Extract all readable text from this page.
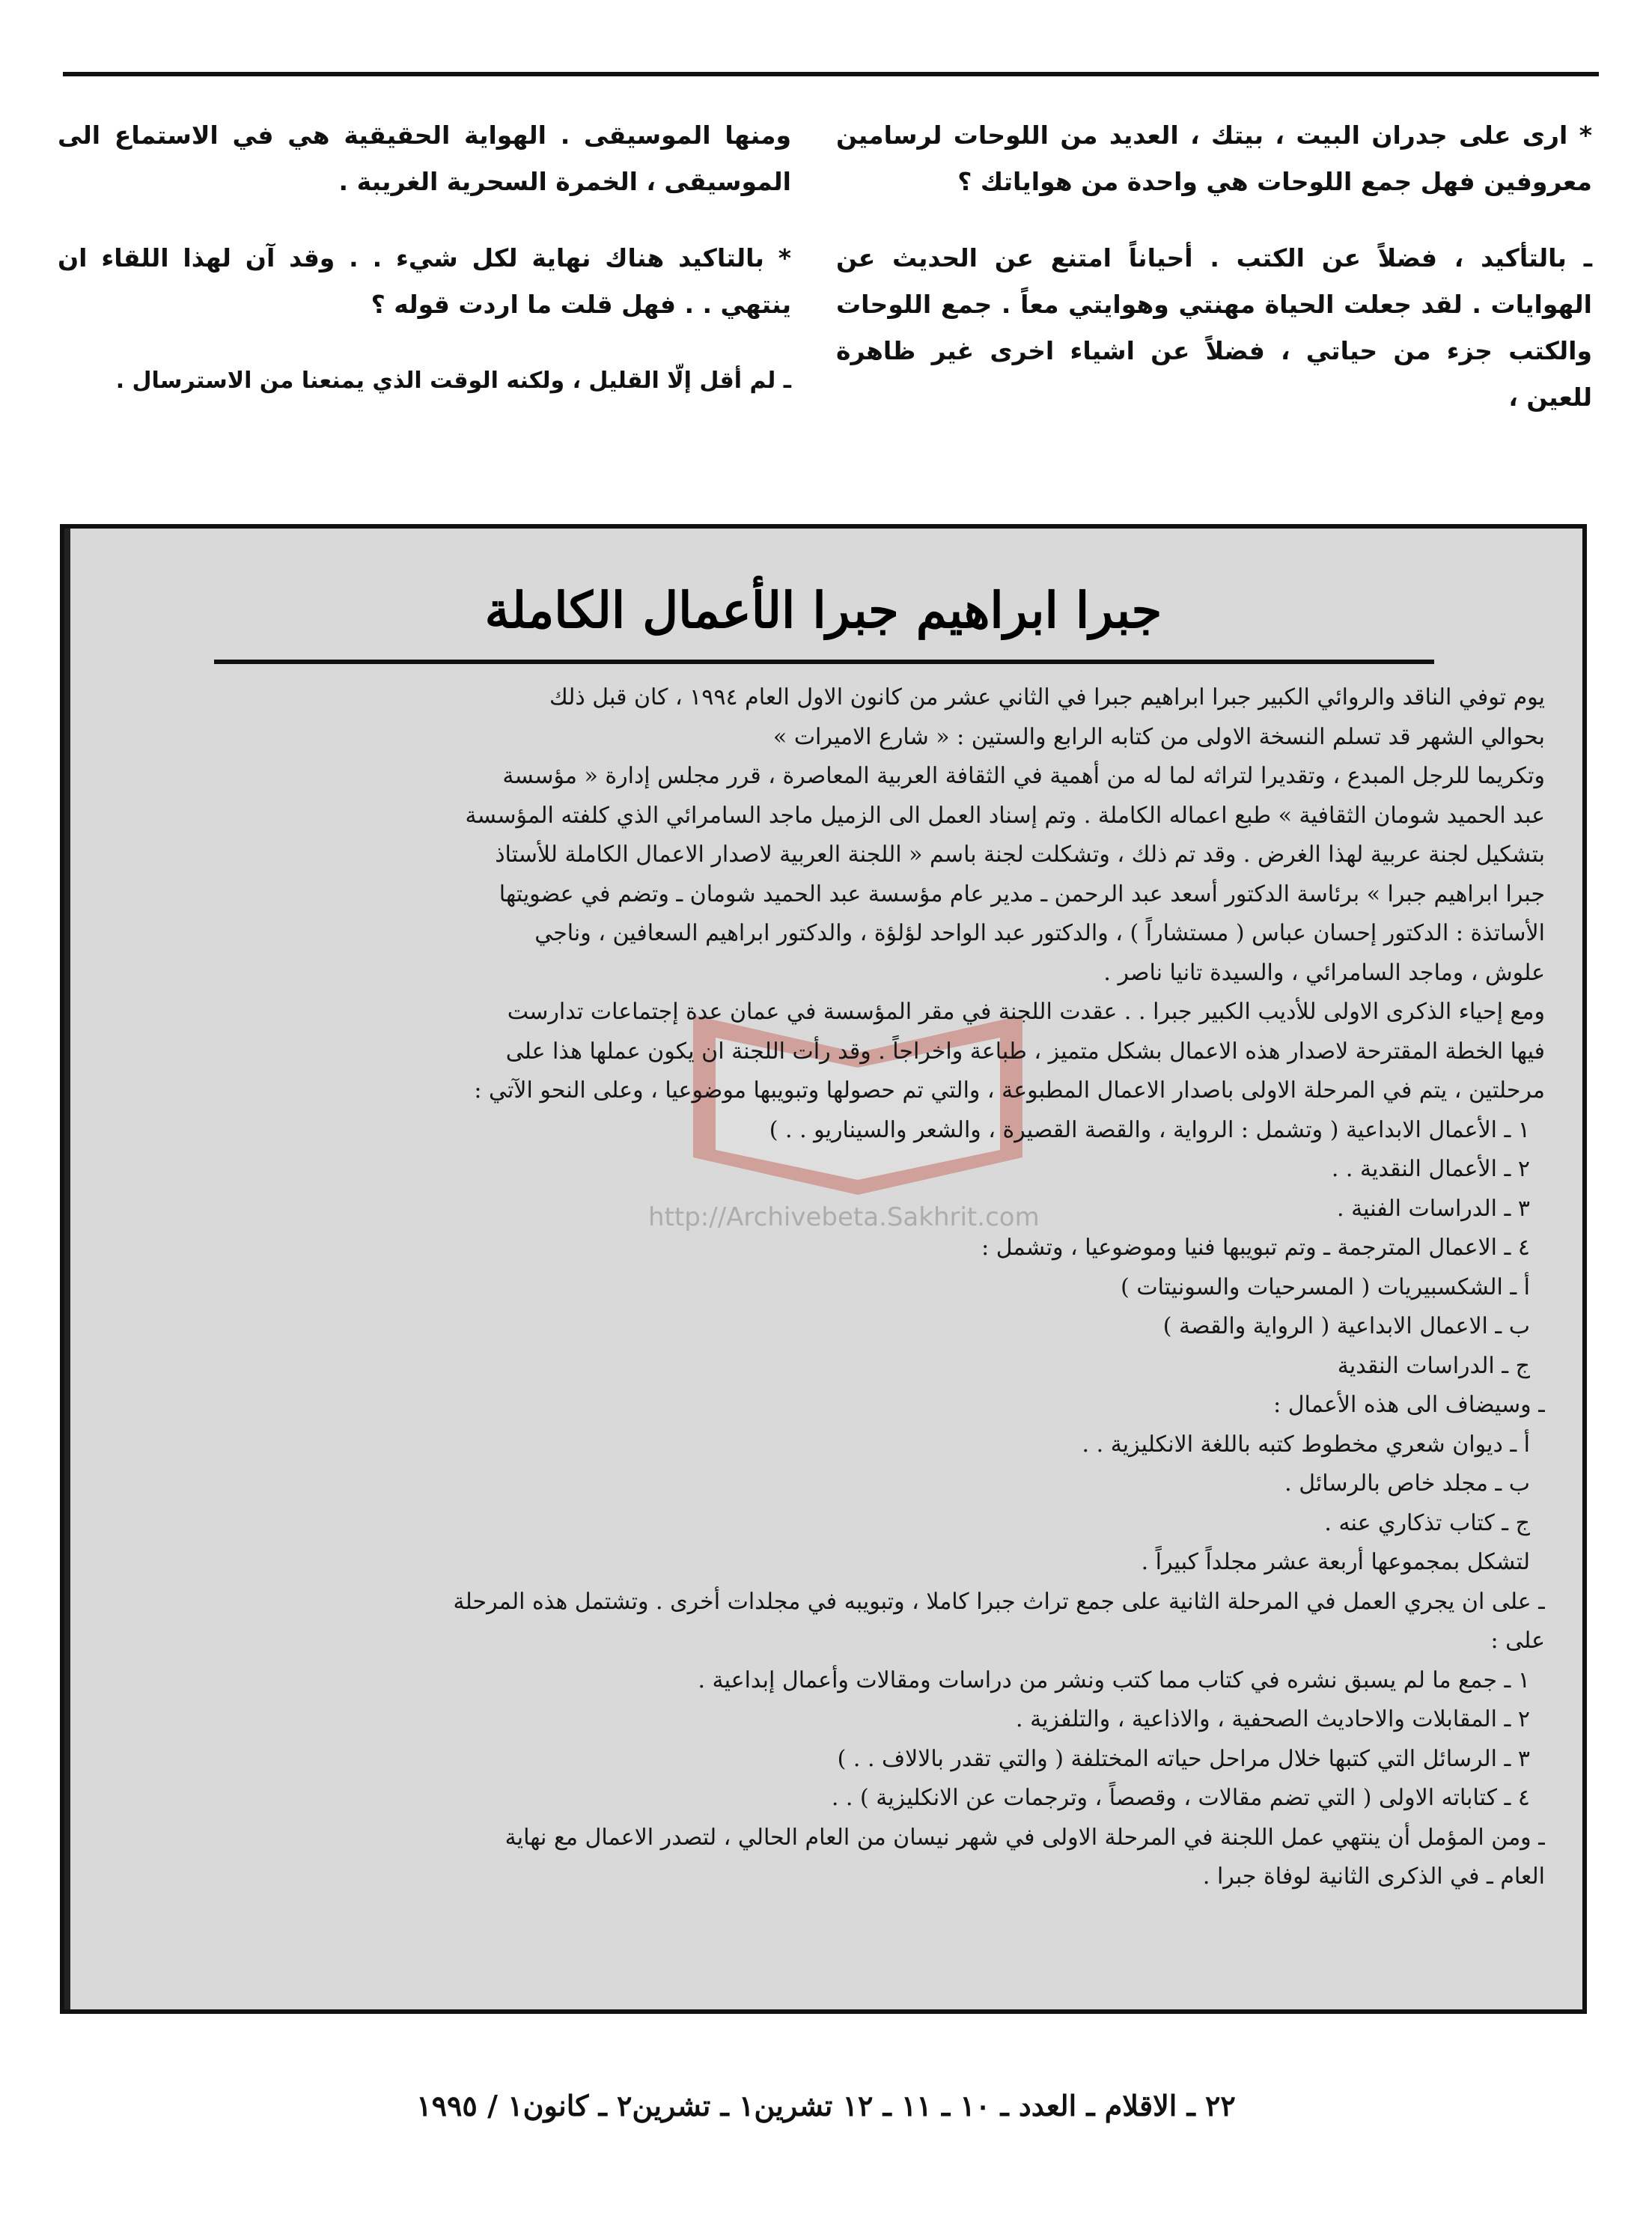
* ارى على جدران البيت ، بيتك ، العديد من اللوحات لرسامين معروفين فهل جمع اللوحات هي واحدة من هواياتك ؟

ـ بالتأكيد ، فضلاً عن الكتب . أحياناً امتنع عن الحديث عن الهوايات . لقد جعلت الحياة مهنتي وهوايتي معاً . جمع اللوحات والكتب جزء من حياتي ، فضلاً عن اشياء اخرى غير ظاهرة للعين ،

ومنها الموسيقى . الهواية الحقيقية هي في الاستماع الى الموسيقى ، الخمرة السحرية الغريبة .

* بالتاكيد هناك نهاية لكل شيء . . وقد آن لهذا اللقاء ان ينتهي . . فهل قلت ما اردت قوله ؟

ـ لم أقل إلّا القليل ، ولكنه الوقت الذي يمنعنا من الاسترسال .

جبرا ابراهيم جبرا الأعمال الكاملة
http://Archivebeta.Sakhrit.com
يوم توفي الناقد والروائي الكبير جبرا ابراهيم جبرا في الثاني عشر من كانون الاول العام ١٩٩٤ ، كان قبل ذلك
بحوالي الشهر قد تسلم النسخة الاولى من كتابه الرابع والستين : « شارع الاميرات »
وتكريما للرجل المبدع ، وتقديرا لتراثه لما له من أهمية في الثقافة العربية المعاصرة ، قرر مجلس إدارة « مؤسسة
عبد الحميد شومان الثقافية » طبع اعماله الكاملة . وتم إسناد العمل الى الزميل ماجد السامرائي الذي كلفته المؤسسة
بتشكيل لجنة عربية لهذا الغرض . وقد تم ذلك ، وتشكلت لجنة باسم « اللجنة العربية لاصدار الاعمال الكاملة للأستاذ
جبرا ابراهيم جبرا » برئاسة الدكتور أسعد عبد الرحمن ـ مدير عام مؤسسة عبد الحميد شومان ـ وتضم في عضويتها
الأساتذة : الدكتور إحسان عباس ( مستشاراً ) ، والدكتور عبد الواحد لؤلؤة ، والدكتور ابراهيم السعافين ، وناجي
علوش ، وماجد السامرائي ، والسيدة تانيا ناصر .
ومع إحياء الذكرى الاولى للأديب الكبير جبرا . . عقدت اللجنة في مقر المؤسسة في عمان عدة إجتماعات تدارست
فيها الخطة المقترحة لاصدار هذه الاعمال بشكل متميز ، طباعة واخراجاً . وقد رأت اللجنة ان يكون عملها هذا على
مرحلتين ، يتم في المرحلة الاولى باصدار الاعمال المطبوعة ، والتي تم حصولها وتبويبها موضوعيا ، وعلى النحو الآتي :
١ ـ الأعمال الابداعية ( وتشمل : الرواية ، والقصة القصيرة ، والشعر والسيناريو . . )
٢ ـ الأعمال النقدية . .
٣ ـ الدراسات الفنية .
٤ ـ الاعمال المترجمة ـ وتم تبويبها فنيا وموضوعيا ، وتشمل :
أ ـ الشكسبيريات ( المسرحيات والسونيتات )
ب ـ الاعمال الابداعية ( الرواية والقصة )
ج ـ الدراسات النقدية
ـ وسيضاف الى هذه الأعمال :
أ ـ ديوان شعري مخطوط كتبه باللغة الانكليزية . .
ب ـ مجلد خاص بالرسائل .
ج ـ كتاب تذكاري عنه .
لتشكل بمجموعها أربعة عشر مجلداً كبيراً .
ـ على ان يجري العمل في المرحلة الثانية على جمع تراث جبرا كاملا ، وتبويبه في مجلدات أخرى . وتشتمل هذه المرحلة
على :
١ ـ جمع ما لم يسبق نشره في كتاب مما كتب ونشر من دراسات ومقالات وأعمال إبداعية .
٢ ـ المقابلات والاحاديث الصحفية ، والاذاعية ، والتلفزية .
٣ ـ الرسائل التي كتبها خلال مراحل حياته المختلفة ( والتي تقدر بالالاف . . )
٤ ـ كتاباته الاولى ( التي تضم مقالات ، وقصصاً ، وترجمات عن الانكليزية ) . .
ـ ومن المؤمل أن ينتهي عمل اللجنة في المرحلة الاولى في شهر نيسان من العام الحالي ، لتصدر الاعمال مع نهاية
العام ـ في الذكرى الثانية لوفاة جبرا .
٢٢ ـ الاقلام ـ العدد ـ ١٠ ـ ١١ ـ ١٢ تشرين١ ـ تشرين٢ ـ كانون١ / ١٩٩٥
